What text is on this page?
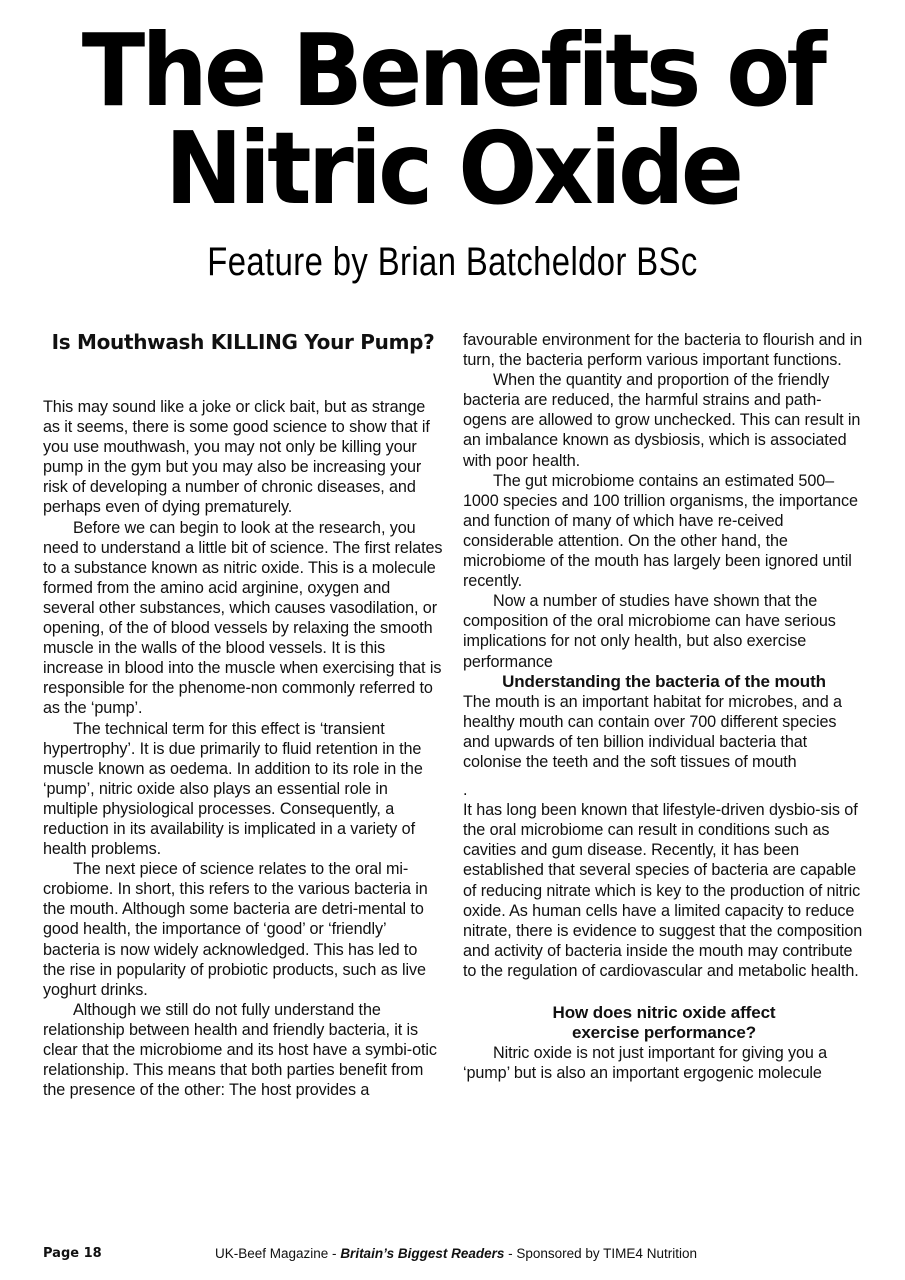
The Benefits of
Nitric Oxide
Feature by Brian Batcheldor BSc
Is Mouthwash KILLING Your Pump?

This may sound like a joke or click bait, but as strange as it seems, there is some good science to show that if you use mouthwash, you may not only be killing your pump in the gym but you may also be increasing your risk of developing a number of chronic diseases, and perhaps even of dying prematurely.

Before we can begin to look at the research, you need to understand a little bit of science. The first relates to a substance known as nitric oxide. This is a molecule formed from the amino acid arginine, oxygen and several other substances, which causes vasodilation, or opening, of the of blood vessels by relaxing the smooth muscle in the walls of the blood vessels. It is this increase in blood into the muscle when exercising that is responsible for the phenome-non commonly referred to as the ‘pump’.

The technical term for this effect is ‘transient hypertrophy’. It is due primarily to fluid retention in the muscle known as oedema. In addition to its role in the ‘pump’, nitric oxide also plays an essential role in multiple physiological processes. Consequently, a reduction in its availability is implicated in a variety of health problems.

The next piece of science relates to the oral mi-crobiome. In short, this refers to the various bacteria in the mouth. Although some bacteria are detri-mental to good health, the importance of ‘good’ or ‘friendly’ bacteria is now widely acknowledged. This has led to the rise in popularity of probiotic products, such as live yoghurt drinks.

Although we still do not fully understand the relationship between health and friendly bacteria, it is clear that the microbiome and its host have a symbi-otic relationship. This means that both parties benefit from the presence of the other: The host provides a

favourable environment for the bacteria to flourish and in turn, the bacteria perform various important functions.

When the quantity and proportion of the friendly bacteria are reduced, the harmful strains and path-ogens are allowed to grow unchecked. This can result in an imbalance known as dysbiosis, which is associated with poor health.

The gut microbiome contains an estimated 500–1000 species and 100 trillion organisms, the importance and function of many of which have re-ceived considerable attention. On the other hand, the microbiome of the mouth has largely been ignored until recently.

Now a number of studies have shown that the composition of the oral microbiome can have serious implications for not only health, but also exercise performance

Understanding the bacteria of the mouth

The mouth is an important habitat for microbes, and a healthy mouth can contain over 700 different species and upwards of ten billion individual bacteria that colonise the teeth and the soft tissues of mouth

.

It has long been known that lifestyle-driven dysbio-sis of the oral microbiome can result in conditions such as cavities and gum disease. Recently, it has been established that several species of bacteria are capable of reducing nitrate which is key to the production of nitric oxide. As human cells have a limited capacity to reduce nitrate, there is evidence to suggest that the composition and activity of bacteria inside the mouth may contribute to the regulation of cardiovascular and metabolic health.

How does nitric oxide affect
exercise performance?

Nitric oxide is not just important for giving you a ‘pump’ but is also an important ergogenic molecule

Page 18	UK-Beef Magazine - Britain’s Biggest Readers - Sponsored by TIME4 Nutrition
